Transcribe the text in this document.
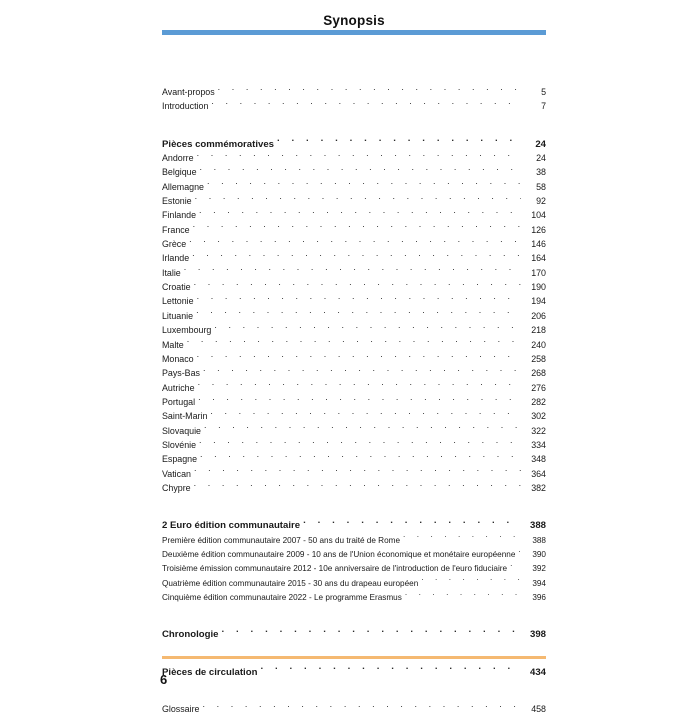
Synopsis
Avant-propos . . .	5
Introduction . . .	7
Pièces commémoratives . . .	24
Andorre . . .	24
Belgique . . .	38
Allemagne . . .	58
Estonie . . .	92
Finlande . . .	104
France . . .	126
Grèce . . .	146
Irlande . . .	164
Italie . . .	170
Croatie . . .	190
Lettonie . . .	194
Lituanie . . .	206
Luxembourg . . .	218
Malte . . .	240
Monaco . . .	258
Pays-Bas . . .	268
Autriche . . .	276
Portugal . . .	282
Saint-Marin . . .	302
Slovaquie . . .	322
Slovénie . . .	334
Espagne . . .	348
Vatican . . .	364
Chypre . . .	382
2 Euro édition communautaire . . .	388
Première édition communautaire 2007 - 50 ans du traité de Rome . . .	388
Deuxième édition communautaire 2009 - 10 ans de l'Union économique et monétaire européenne . . .	390
Troisième émission communautaire 2012 - 10e anniversaire de l'introduction de l'euro fiduciaire . . .	392
Quatrième édition communautaire 2015 - 30 ans du drapeau européen . . .	394
Cinquième édition communautaire 2022 - Le programme Erasmus . . .	396
Chronologie . . .	398
Pièces de circulation . . .	434
Glossaire . . .	458
6
